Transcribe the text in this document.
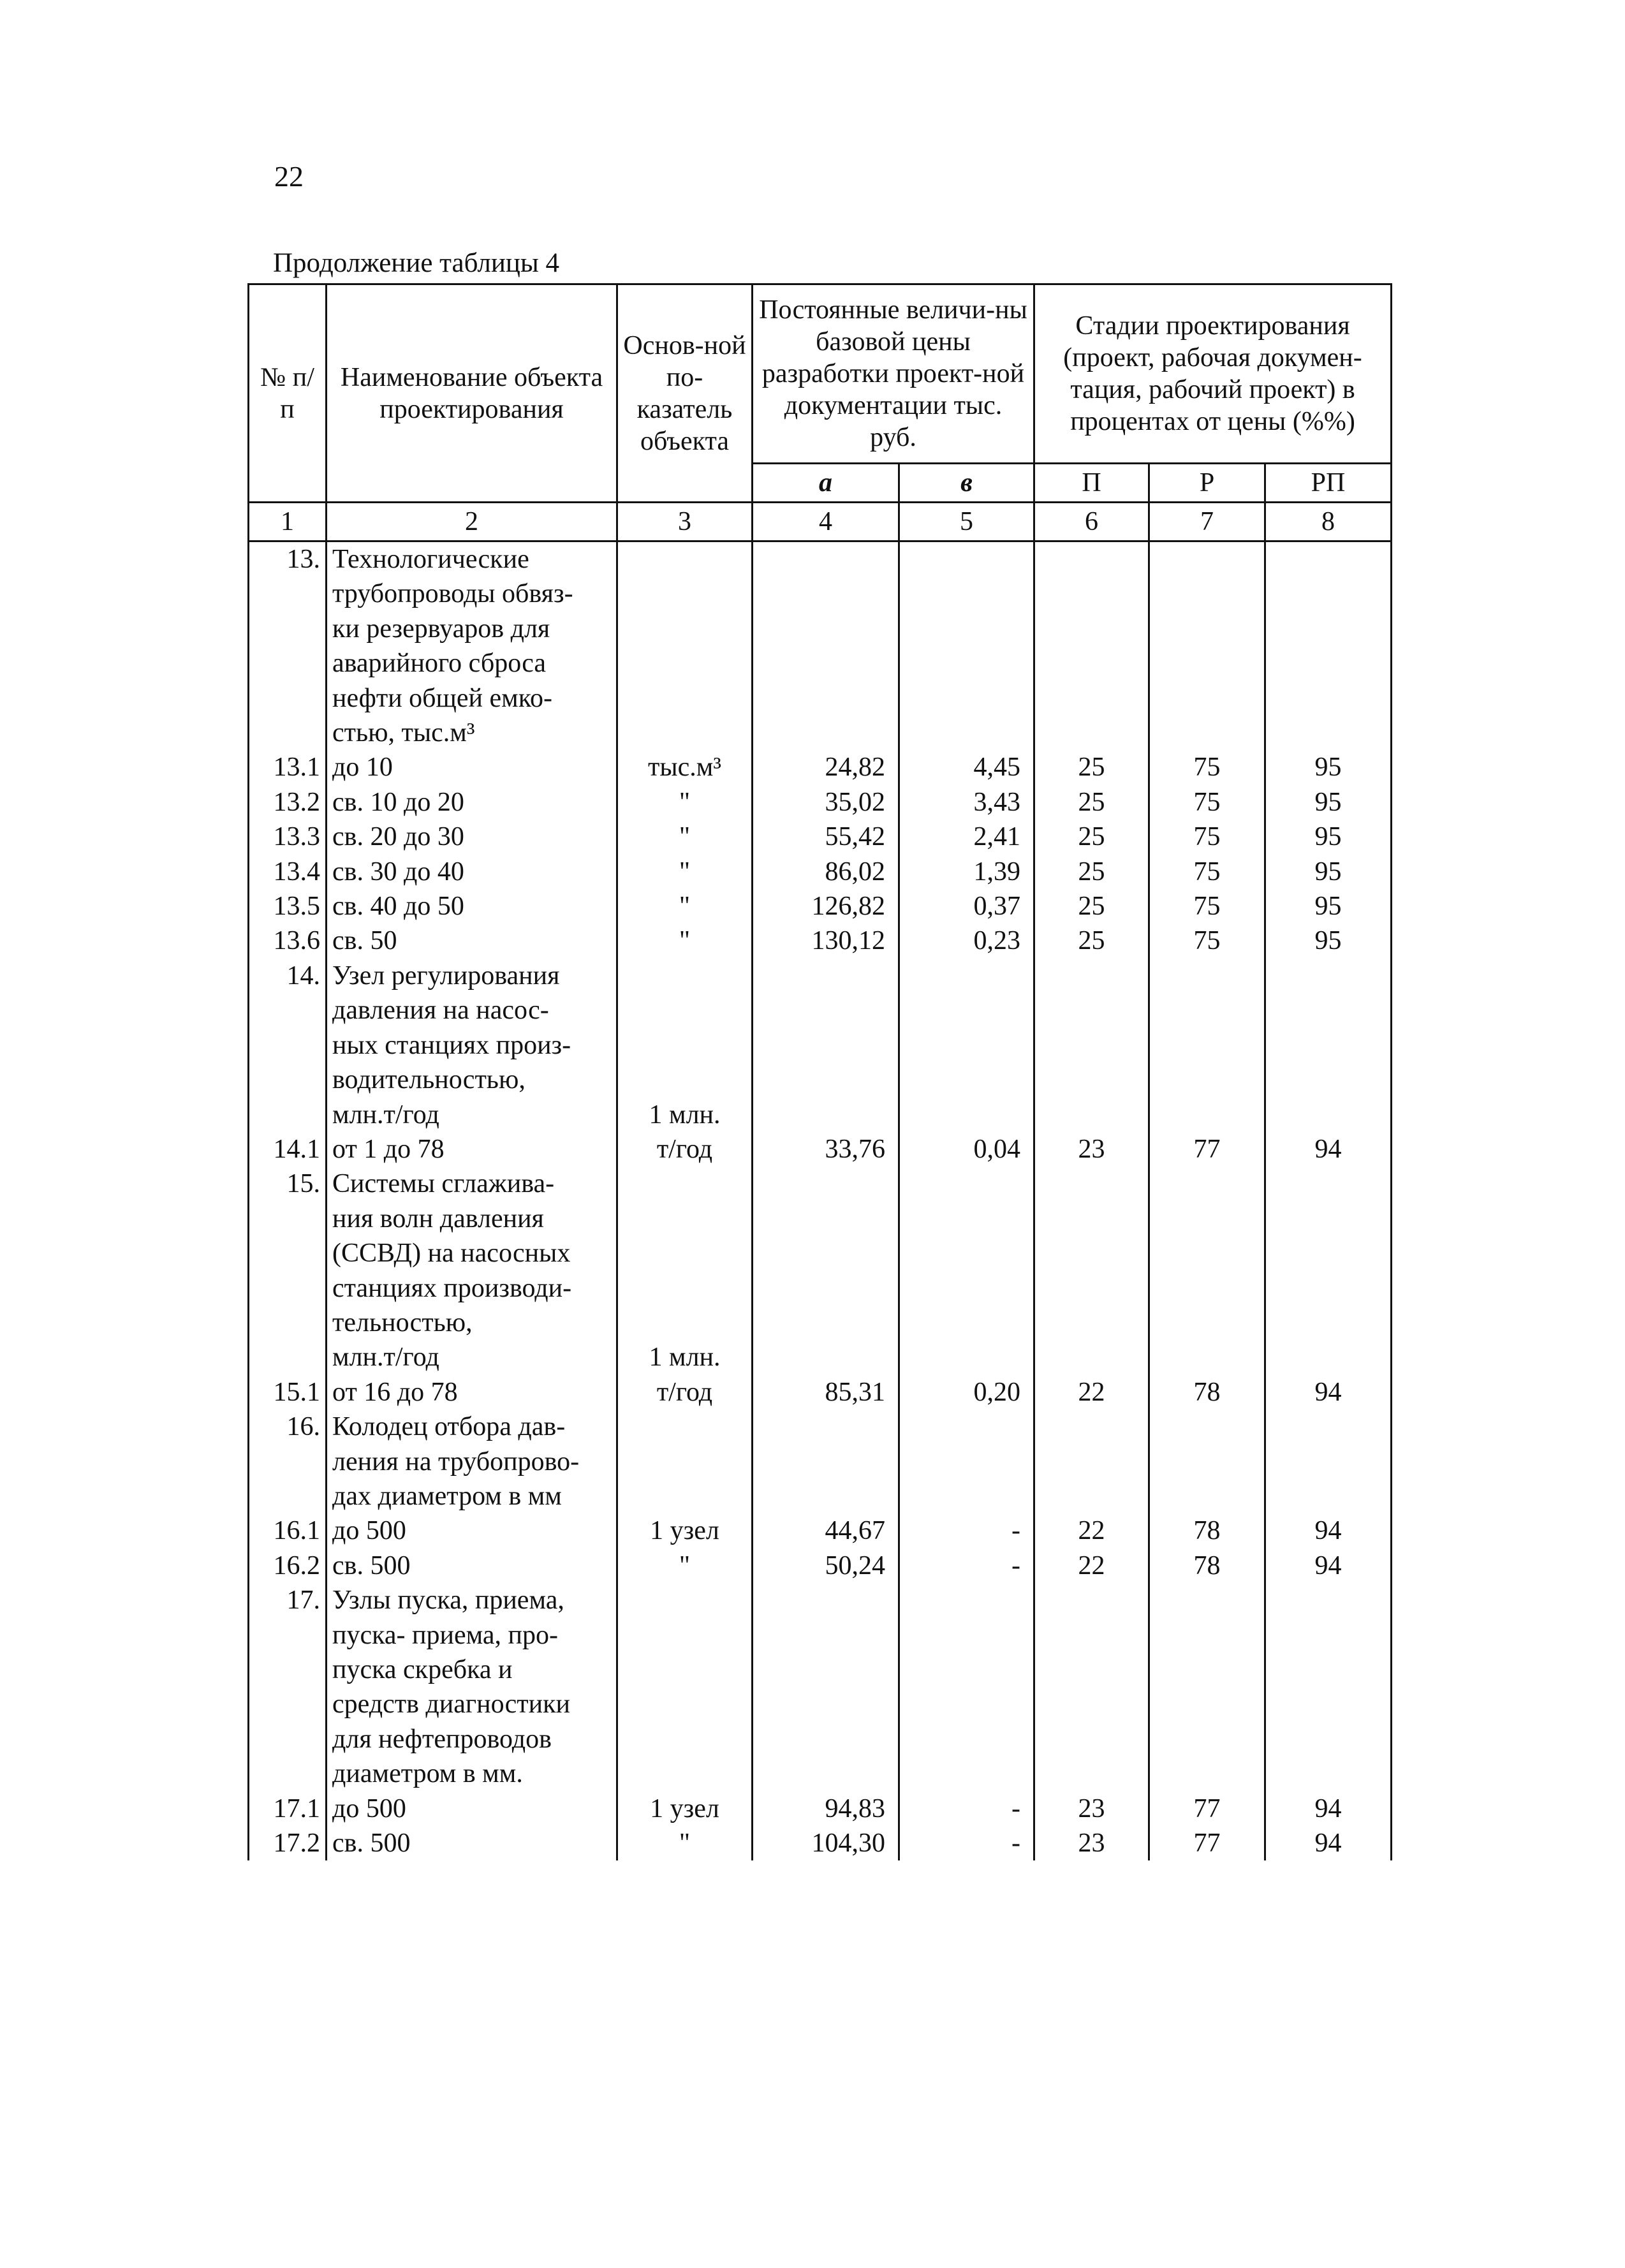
22
Продолжение таблицы 4
№ п/п	Наименование объекта проектирования	Основ-ной по-казатель объекта	Постоянные величи-ны базовой цены разработки проект-ной документации тыс. руб.		Стадии проектирования (проект, рабочая докумен-тация, рабочий проект) в процентах от цены (%%)		
			а	в	П	Р	РП
1	2	3	4	5	6	7	8
13.	Технологические						
	трубопроводы обвяз-						
	ки резервуаров для						
	аварийного сброса						
	нефти общей емко-						
	стью, тыс.м³						
13.1	до 10	тыс.м³	24,82	4,45	25	75	95
13.2	св. 10 до 20	"	35,02	3,43	25	75	95
13.3	св. 20 до 30	"	55,42	2,41	25	75	95
13.4	св. 30 до 40	"	86,02	1,39	25	75	95
13.5	св. 40 до 50	"	126,82	0,37	25	75	95
13.6	св. 50	"	130,12	0,23	25	75	95
14.	Узел регулирования						
	давления на насос-						
	ных станциях произ-						
	водительностью,						
	млн.т/год	1 млн.					
14.1	от 1 до 78	т/год	33,76	0,04	23	77	94
15.	Системы сглажива-						
	ния волн давления						
	(ССВД) на насосных						
	станциях производи-						
	тельностью,						
	млн.т/год	1 млн.					
15.1	от 16 до 78	т/год	85,31	0,20	22	78	94
16.	Колодец отбора дав-						
	ления на трубопрово-						
	дах диаметром в мм						
16.1	до 500	1 узел	44,67	-	22	78	94
16.2	св. 500	"	50,24	-	22	78	94
17.	Узлы пуска, приема,						
	пуска- приема, про-						
	пуска скребка и						
	средств диагностики						
	для нефтепроводов						
	диаметром в мм.						
17.1	до 500	1 узел	94,83	-	23	77	94
17.2	св. 500	"	104,30	-	23	77	94
